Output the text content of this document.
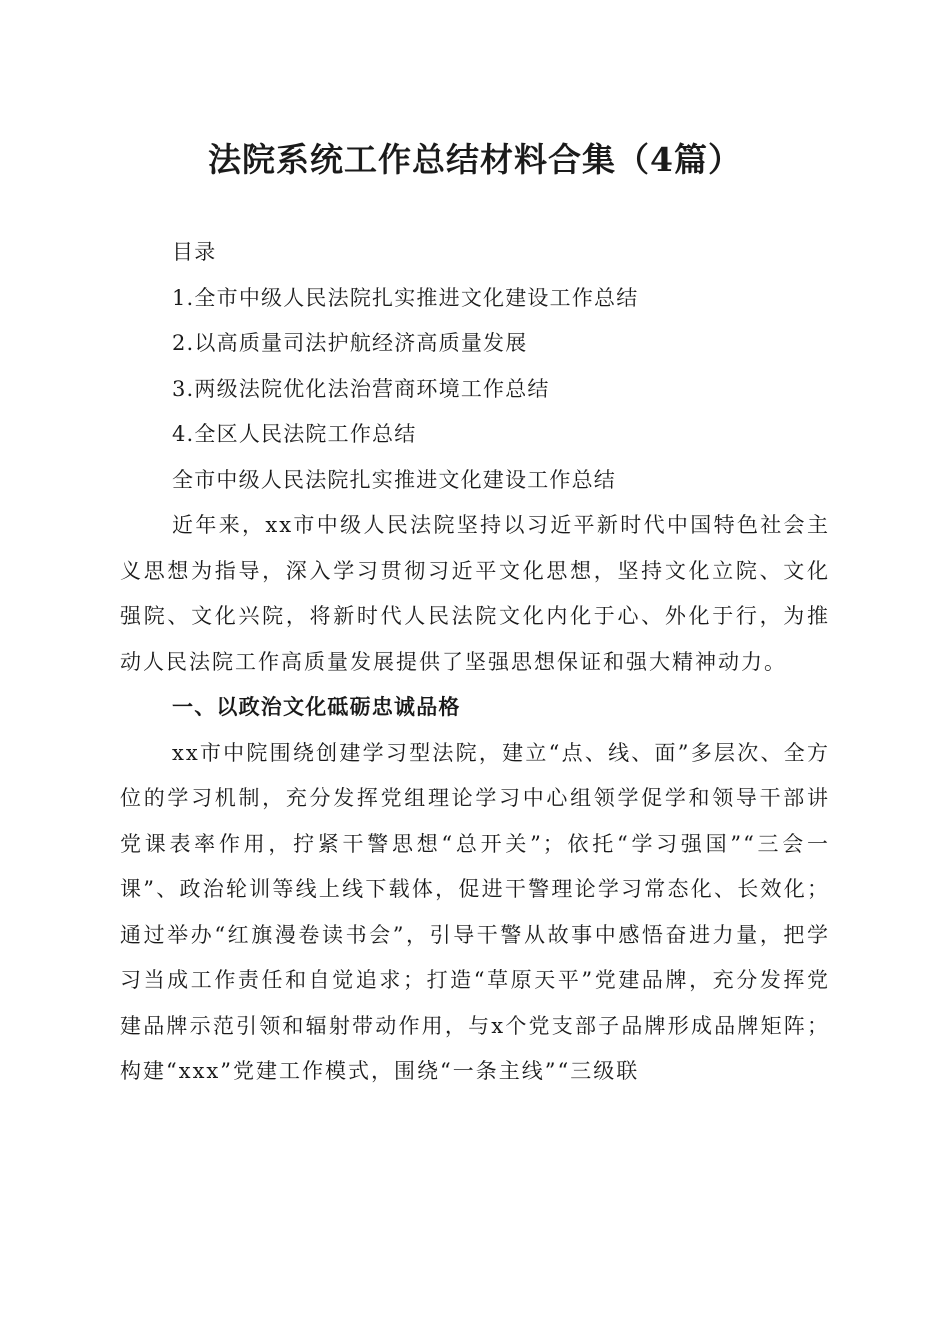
法院系统工作总结材料合集（4篇）

目录

1.全市中级人民法院扎实推进文化建设工作总结

2.以高质量司法护航经济高质量发展

3.两级法院优化法治营商环境工作总结

4.全区人民法院工作总结

全市中级人民法院扎实推进文化建设工作总结

近年来，xx市中级人民法院坚持以习近平新时代中国特色社会主义思想为指导，深入学习贯彻习近平文化思想，坚持文化立院、文化强院、文化兴院，将新时代人民法院文化内化于心、外化于行，为推动人民法院工作高质量发展提供了坚强思想保证和强大精神动力。

一、以政治文化砥砺忠诚品格

xx市中院围绕创建学习型法院，建立“点、线、面”多层次、全方位的学习机制，充分发挥党组理论学习中心组领学促学和领导干部讲党课表率作用，拧紧干警思想“总开关”；依托“学习强国”“三会一课”、政治轮训等线上线下载体，促进干警理论学习常态化、长效化；通过举办“红旗漫卷读书会”，引导干警从故事中感悟奋进力量，把学习当成工作责任和自觉追求；打造“草原天平”党建品牌，充分发挥党建品牌示范引领和辐射带动作用，与x个党支部子品牌形成品牌矩阵；构建“xxx”党建工作模式，围绕“一条主线”“三级联
